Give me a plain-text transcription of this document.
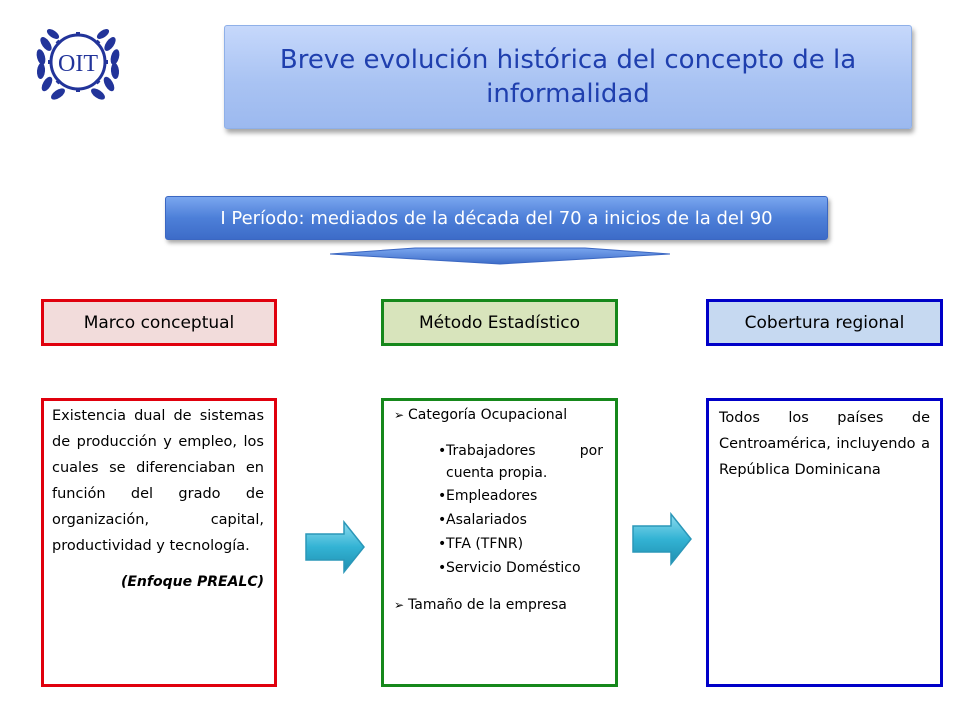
OIT	Breve evolución histórica del concepto de la informalidad
I Período: mediados de la década del 70 a inicios de la del 90
Marco conceptual	Método Estadístico	Cobertura regional
Existencia dual de sistemas de producción y empleo, los cuales se diferenciaban en función del grado de organización, capital, productividad y tecnología.
(Enfoque PREALC)
➢ Categoría Ocupacional
• Trabajadores por cuenta propia.
• Empleadores
• Asalariados
• TFA (TFNR)
• Servicio Doméstico
➢ Tamaño de la empresa
Todos los países de Centroamérica, incluyendo a República Dominicana
